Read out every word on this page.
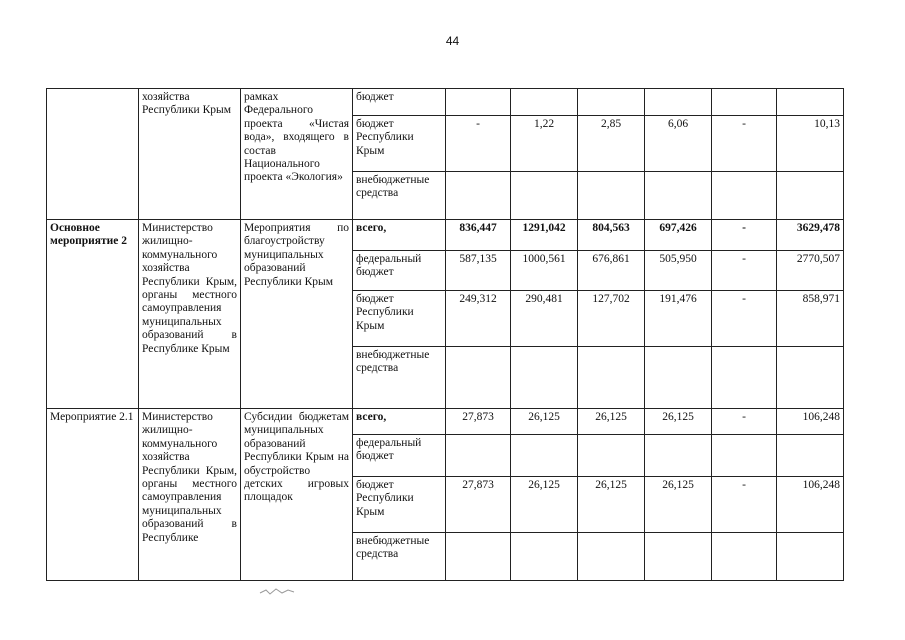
44
	хозяйства Республики Крым	рамках Федерального проекта «Чистая вода», входящего в состав Национального проекта «Экология»	бюджет						
			бюджет Республики Крым	-	1,22	2,85	6,06	-	10,13
			внебюджетные средства						
Основное мероприятие 2	Министерство жилищно-коммунального хозяйства Республики Крым, органы местного самоуправления муниципальных образований в Республике Крым	Мероприятия по благоустройству муниципальных образований Республики Крым	всего,	836,447	1291,042	804,563	697,426	-	3629,478
			федеральный бюджет	587,135	1000,561	676,861	505,950	-	2770,507
			бюджет Республики Крым	249,312	290,481	127,702	191,476	-	858,971
			внебюджетные средства						
Мероприятие 2.1	Министерство жилищно-коммунального хозяйства Республики Крым, органы местного самоуправления муниципальных образований в Республике	Субсидии бюджетам муниципальных образований Республики Крым на обустройство детских игровых площадок	всего,	27,873	26,125	26,125	26,125	-	106,248
			федеральный бюджет						
			бюджет Республики Крым	27,873	26,125	26,125	26,125	-	106,248
			внебюджетные средства						
